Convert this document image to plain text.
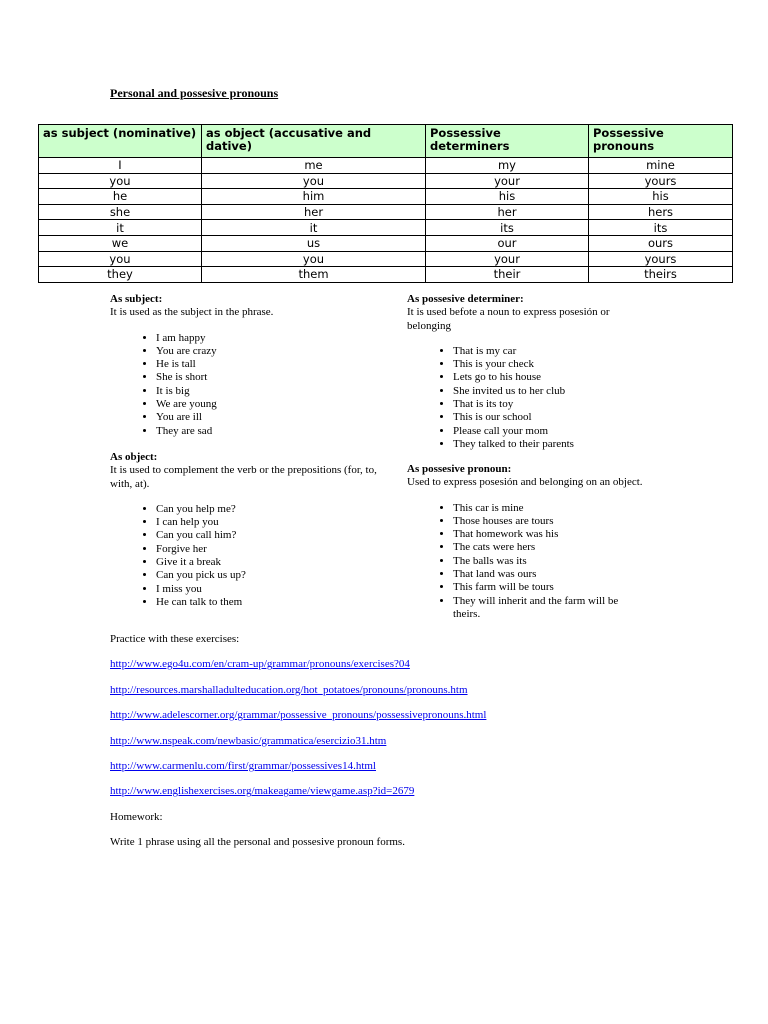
Personal and possesive pronouns
as subject (nominative)	as object (accusative and dative)	Possessive determiners	Possessive pronouns
I	me	my	mine
you	you	your	yours
he	him	his	his
she	her	her	hers
it	it	its	its
we	us	our	ours
you	you	your	yours
they	them	their	theirs
As subject:

It is used as the subject in the phrase.

• I am happy
• You are crazy
• He is tall
• She is short
• It is big
• We are young
• You are ill
• They are sad
As object:

It is used to complement the verb or the prepositions (for, to, with, at).

• Can you help me?
• I can help you
• Can you call him?
• Forgive her
• Give it a break
• Can you pick us up?
• I miss you
• He can talk to them
As possesive determiner:

It is used befote a noun to express posesión or belonging

• That is my car
• This is your check
• Lets go to his house
• She invited us to her club
• That is its toy
• This is our school
• Please call your mom
• They talked to their parents
As possesive pronoun:

Used to express posesión and belonging on an object.

• This car is mine
• Those houses are tours
• That homework was his
• The cats were hers
• The balls was its
• That land was ours
• This farm will be tours
• They will inherit and the farm will be theirs.

Practice with these exercises:

http://www.ego4u.com/en/cram-up/grammar/pronouns/exercises?04
http://resources.marshalladulteducation.org/hot_potatoes/pronouns/pronouns.htm
http://www.adelescorner.org/grammar/possessive_pronouns/possessivepronouns.html
http://www.nspeak.com/newbasic/grammatica/esercizio31.htm
http://www.carmenlu.com/first/grammar/possessives14.html
http://www.englishexercises.org/makeagame/viewgame.asp?id=2679

Homework:

Write 1 phrase using all the personal and possesive pronoun forms.
